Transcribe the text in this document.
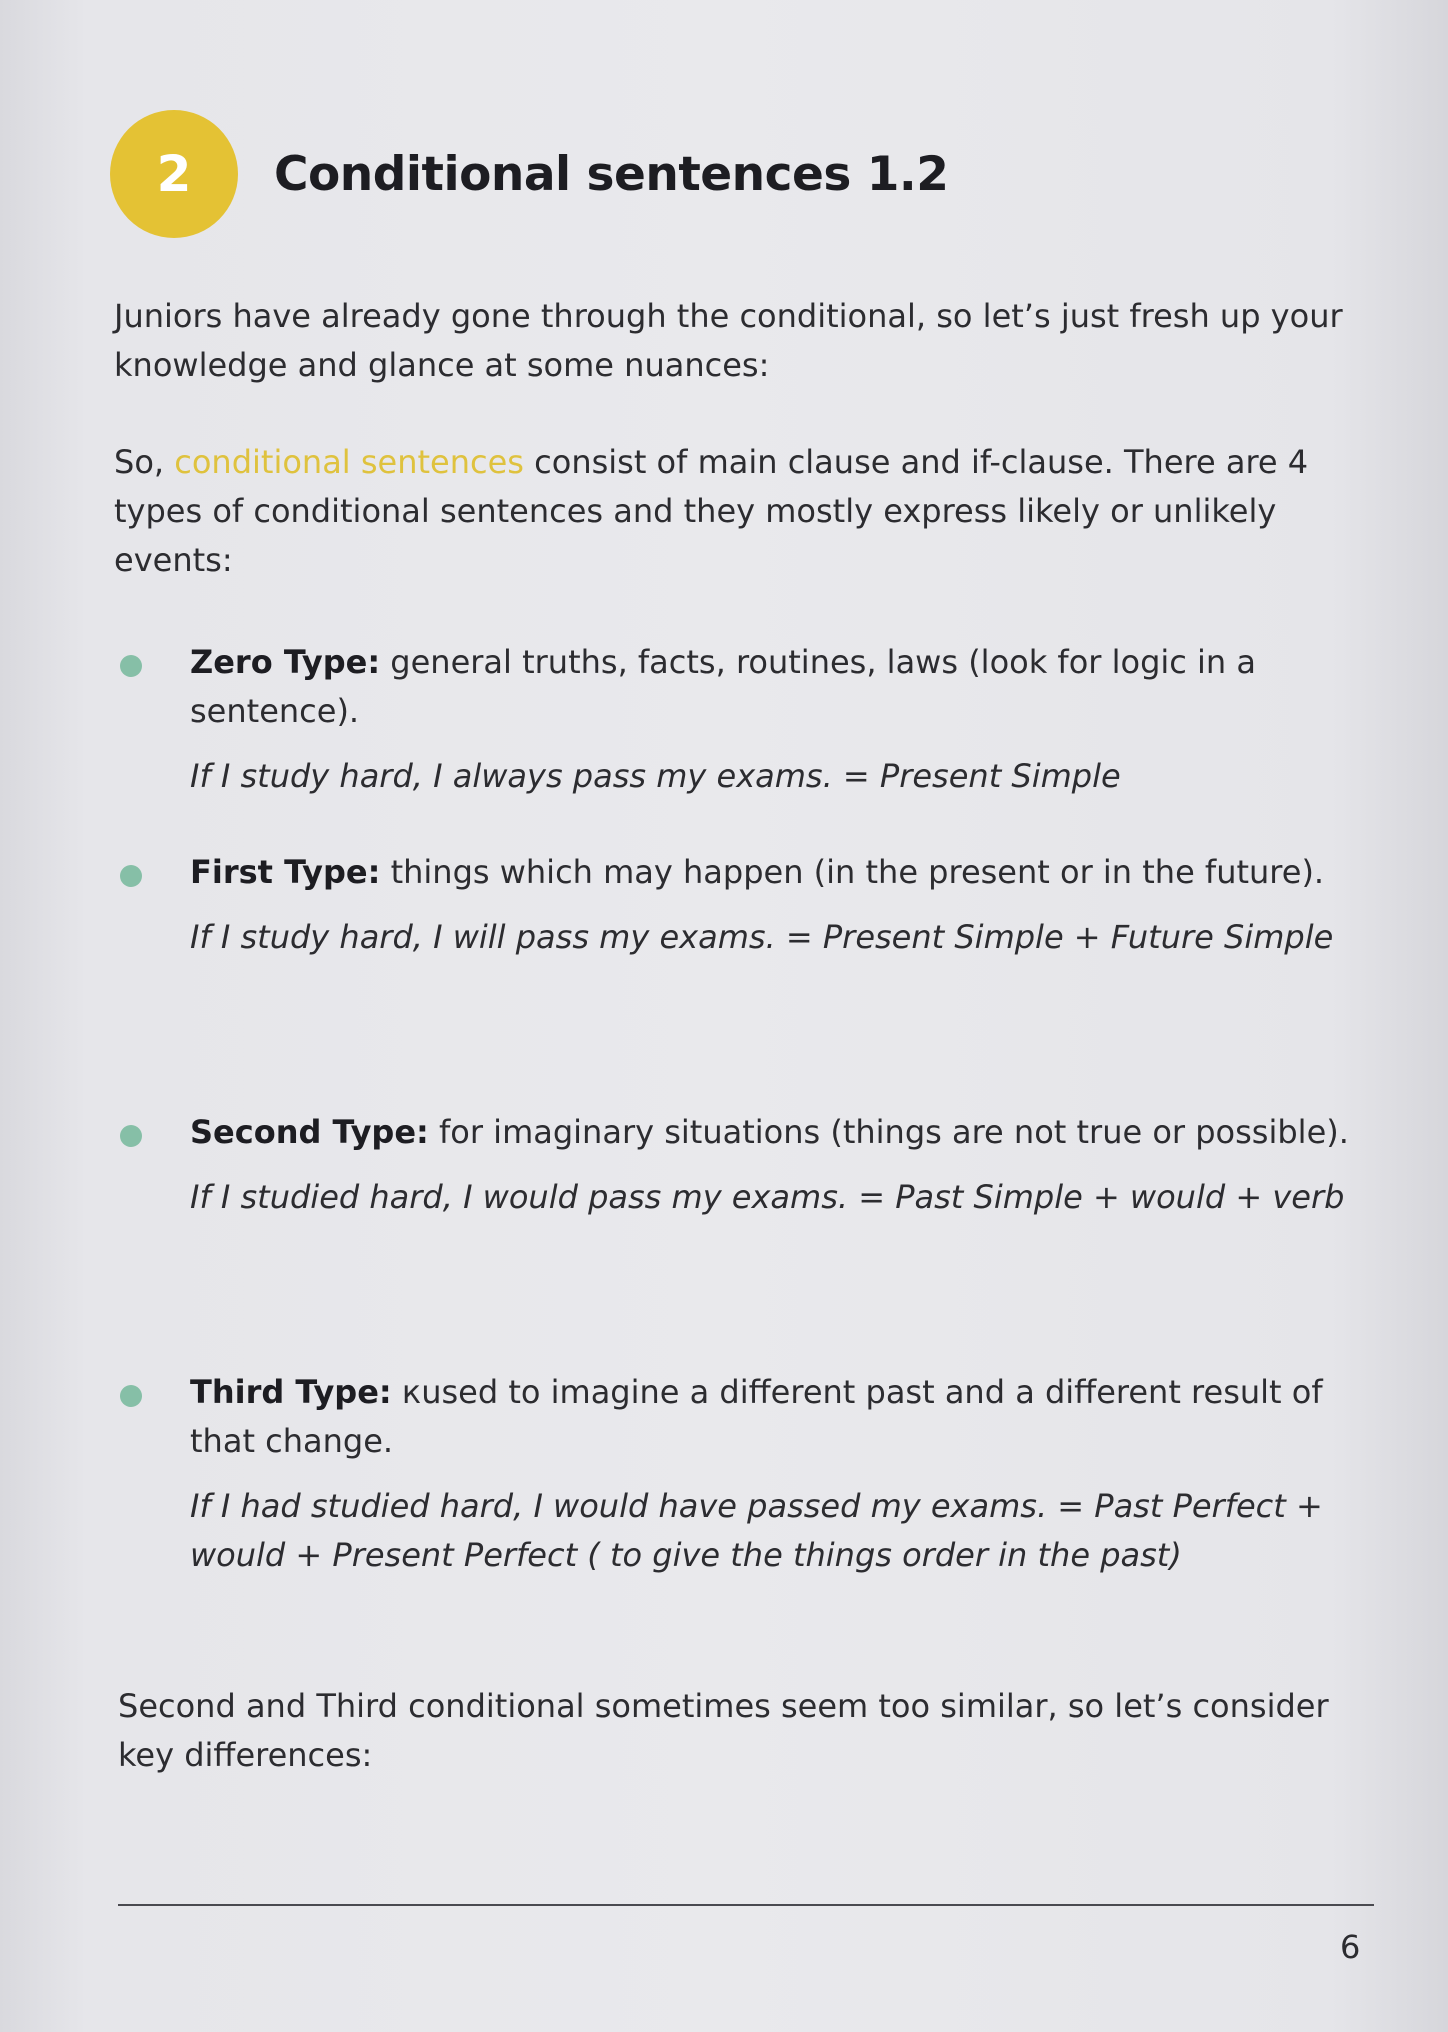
2	Conditional sentences 1.2

Juniors have already gone through the conditional, so let’s just fresh up your knowledge and glance at some nuances:

So, conditional sentences consist of main clause and if-clause. There are 4 types of conditional sentences and they mostly express likely or unlikely events:

Zero Type: general truths, facts, routines, laws (look for logic in a sentence).

If I study hard, I always pass my exams. = Present Simple

First Type: things which may happen (in the present or in the future).

If I study hard, I will pass my exams. = Present Simple + Future Simple

Second Type: for imaginary situations (things are not true or possible).

If I studied hard, I would pass my exams. = Past Simple + would + verb

Third Type: кused to imagine a different past and a different result of that change.

If I had studied hard, I would have passed my exams. = Past Perfect + would + Present Perfect ( to give the things order in the past)

Second and Third conditional sometimes seem too similar, so let’s consider key differences:

6
